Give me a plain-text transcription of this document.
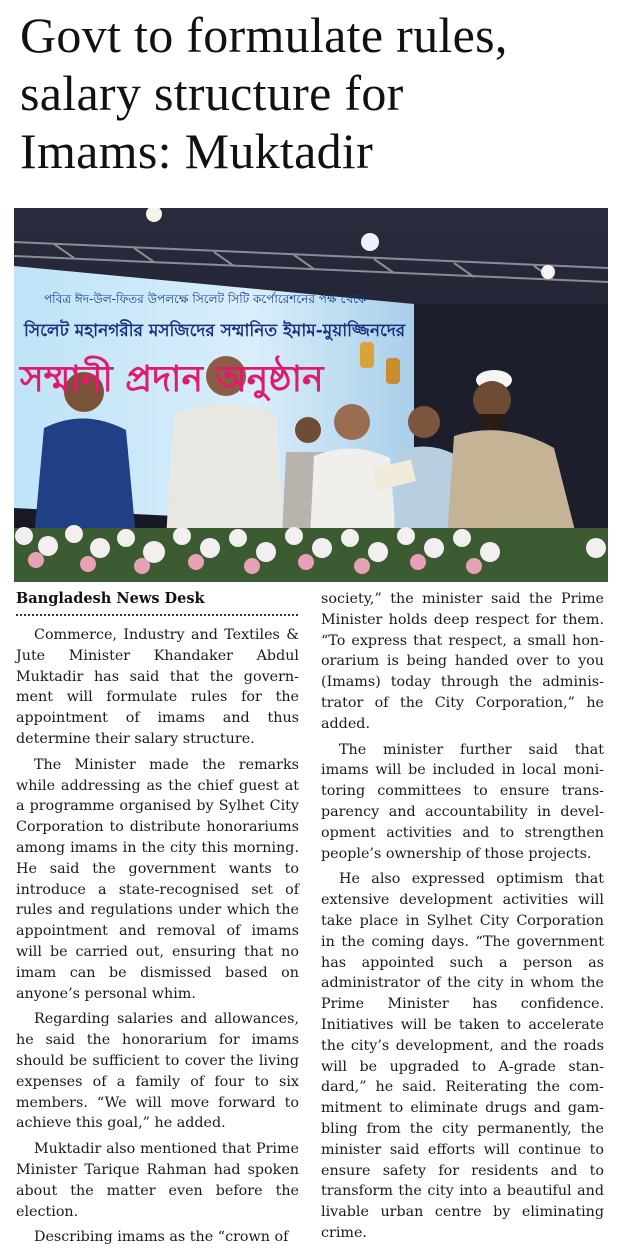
Govt to formulate rules,
salary structure for
Imams: Muktadir
পবিত্র ঈদ-উল-ফিতর উপলক্ষে সিলেট সিটি কর্পোরেশনের পক্ষ থেকে
সিলেট মহানগরীর মসজিদের সম্মানিত ইমাম-মুয়াজ্জিনদের
সম্মানী প্রদান অনুষ্ঠান
Bangladesh News Desk

Commerce, Industry and Textiles & Jute Minister Khandaker Abdul Muktadir has said that the government will formulate rules for the appointment of imams and thus determine their salary structure.

The Minister made the remarks while addressing as the chief guest at a programme organised by Sylhet City Corporation to distribute honorariums among imams in the city this morning. He said the government wants to introduce a state-recognised set of rules and regulations under which the appointment and removal of imams will be carried out, ensuring that no imam can be dismissed based on anyone’s personal whim.

Regarding salaries and allowances, he said the honorarium for imams should be sufficient to cover the living expenses of a family of four to six members. “We will move forward to achieve this goal,” he added.

Muktadir also mentioned that Prime Minister Tarique Rahman had spoken about the matter even before the election.

Describing imams as the “crown of

society,” the minister said the Prime Minister holds deep respect for them. “To express that respect, a small honorarium is being handed over to you (Imams) today through the administrator of the City Corporation,” he added.

The minister further said that imams will be included in local monitoring committees to ensure transparency and accountability in development activities and to strengthen people’s ownership of those projects.

He also expressed optimism that extensive development activities will take place in Sylhet City Corporation in the coming days. “The government has appointed such a person as administrator of the city in whom the Prime Minister has confidence. Initiatives will be taken to accelerate the city’s development, and the roads will be upgraded to A-grade standard,” he said. Reiterating the commitment to eliminate drugs and gambling from the city permanently, the minister said efforts will continue to ensure safety for residents and to transform the city into a beautiful and livable urban centre by eliminating crime.
